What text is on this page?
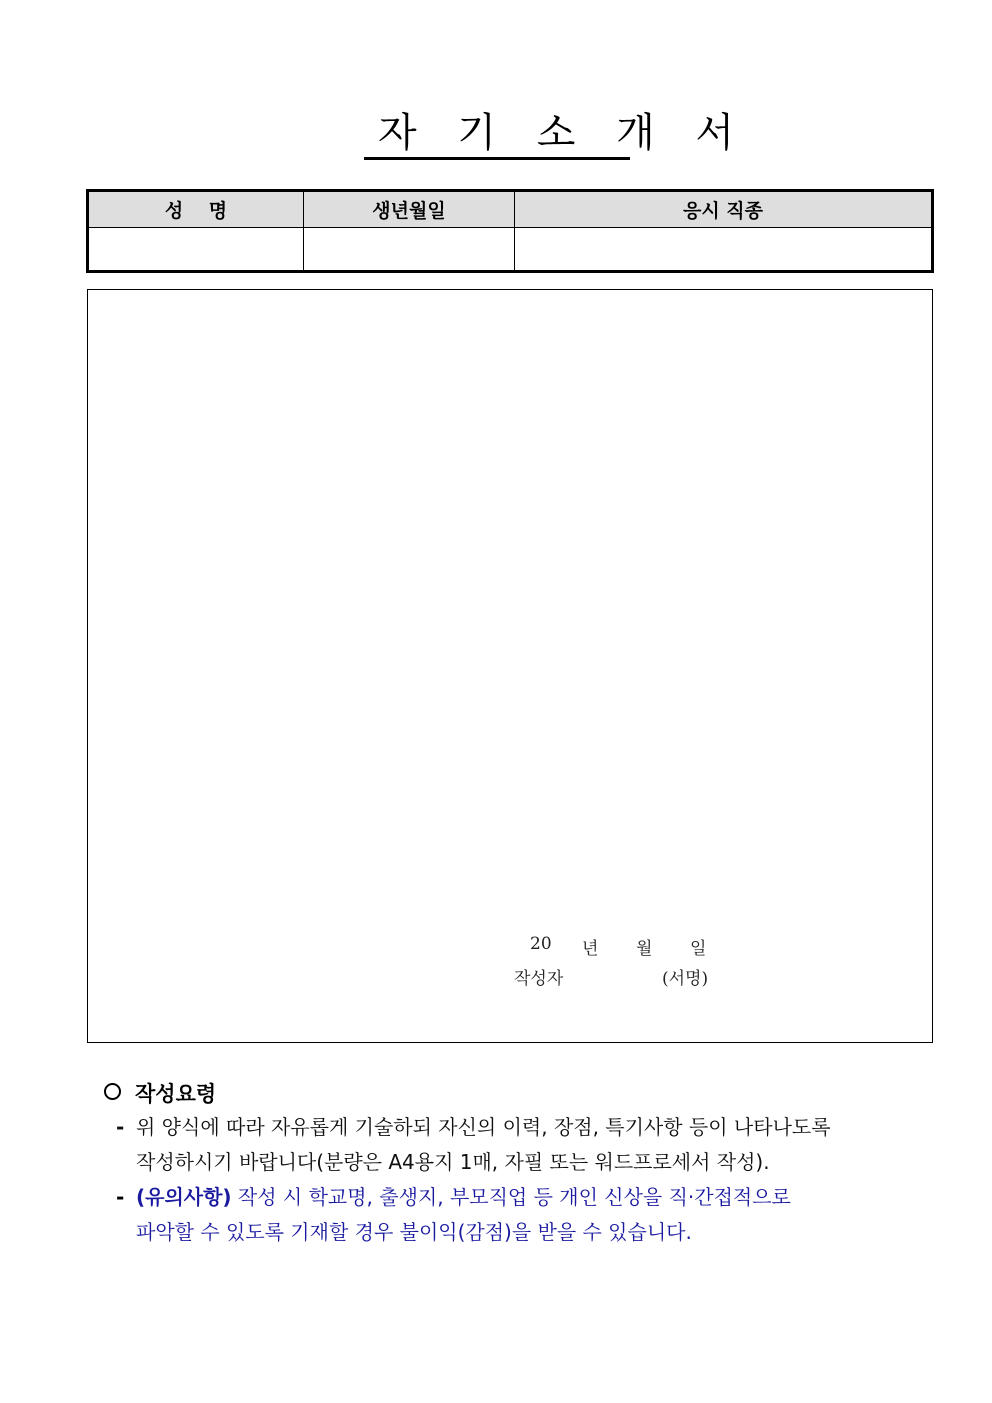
자 기 소 개 서
성　 명	생년월일	응시 직종

20	년	월	일
작성자	(서명)
작성요령
- 위 양식에 따라 자유롭게 기술하되 자신의 이력, 장점, 특기사항 등이 나타나도록
작성하시기 바랍니다(분량은 A4용지 1매, 자필 또는 워드프로세서 작성).
- (유의사항) 작성 시 학교명, 출생지, 부모직업 등 개인 신상을 직·간접적으로
파악할 수 있도록 기재할 경우 불이익(감점)을 받을 수 있습니다.
